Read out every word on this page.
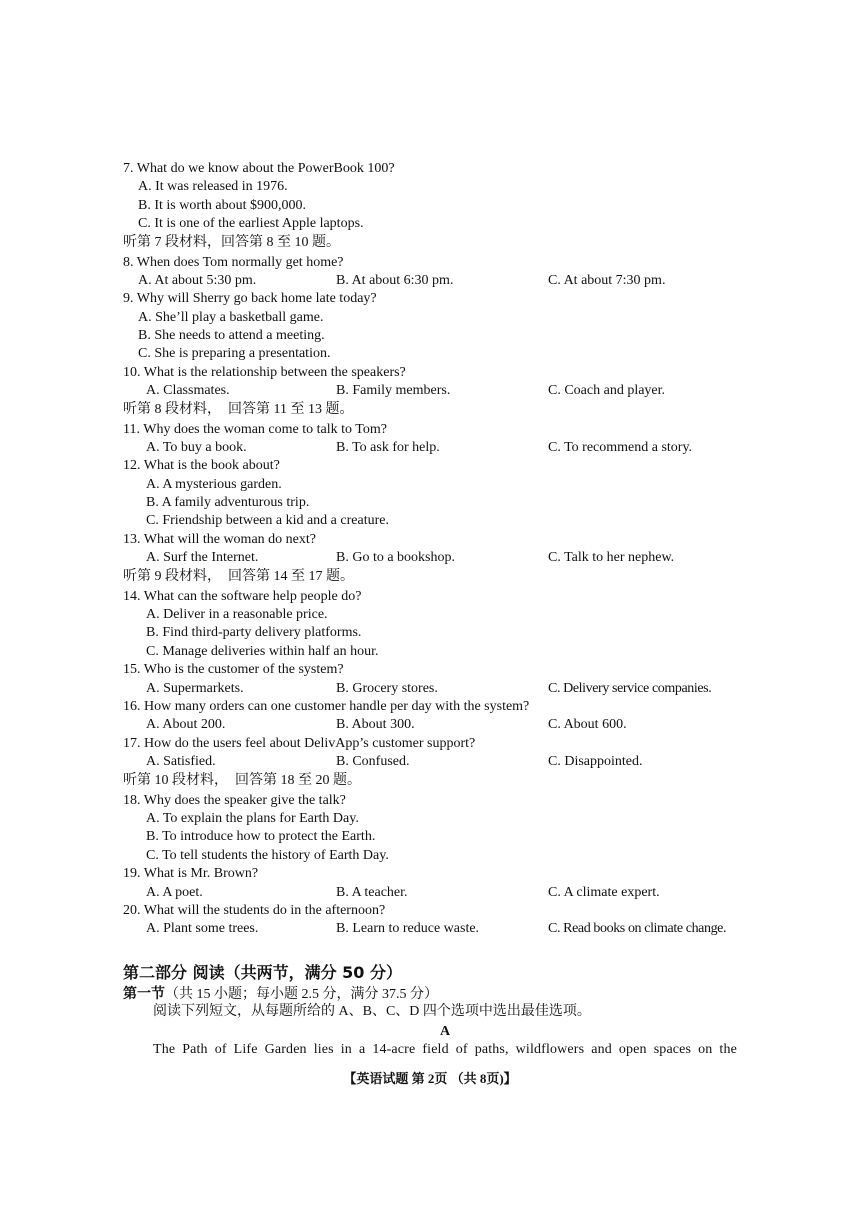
7. What do we know about the PowerBook 100?
A. It was released in 1976.
B. It is worth about $900,000.
C. It is one of the earliest Apple laptops.
听第 7 段材料，回答第 8 至 10 题。
8. When does Tom normally get home?
A. At about 5:30 pm.	B. At about 6:30 pm.	C. At about 7:30 pm.
9. Why will Sherry go back home late today?
A. She’ll play a basketball game.
B. She needs to attend a meeting.
C. She is preparing a presentation.
10. What is the relationship between the speakers?
A. Classmates.	B. Family members.	C. Coach and player.
听第 8 段材料，　回答第 11 至 13 题。
11. Why does the woman come to talk to Tom?
A. To buy a book.	B. To ask for help.	C. To recommend a story.
12. What is the book about?
A. A mysterious garden.
B. A family adventurous trip.
C. Friendship between a kid and a creature.
13. What will the woman do next?
A. Surf the Internet.	B. Go to a bookshop.	C. Talk to her nephew.
听第 9 段材料，　回答第 14 至 17 题。
14. What can the software help people do?
A. Deliver in a reasonable price.
B. Find third-party delivery platforms.
C. Manage deliveries within half an hour.
15. Who is the customer of the system?
A. Supermarkets.	B. Grocery stores.	C. Delivery service companies.
16. How many orders can one customer handle per day with the system?
A. About 200.	B. About 300.	C. About 600.
17. How do the users feel about DelivApp’s customer support?
A. Satisfied.	B. Confused.	C. Disappointed.
听第 10 段材料，　回答第 18 至 20 题。
18. Why does the speaker give the talk?
A. To explain the plans for Earth Day.
B. To introduce how to protect the Earth.
C. To tell students the history of Earth Day.
19. What is Mr. Brown?
A. A poet.	B. A teacher.	C. A climate expert.
20. What will the students do in the afternoon?
A. Plant some trees.	B. Learn to reduce waste.	C. Read books on climate change.
第二部分 阅读（共两节，满分 50 分）
第一节（共 15 小题；每小题 2.5 分，满分 37.5 分）
阅读下列短文，从每题所给的 A、B、C、D 四个选项中选出最佳选项。
A
The Path of Life Garden lies in a 14-acre field of paths, wildflowers and open spaces on the
【英语试题 第 2页 （共 8页)】
